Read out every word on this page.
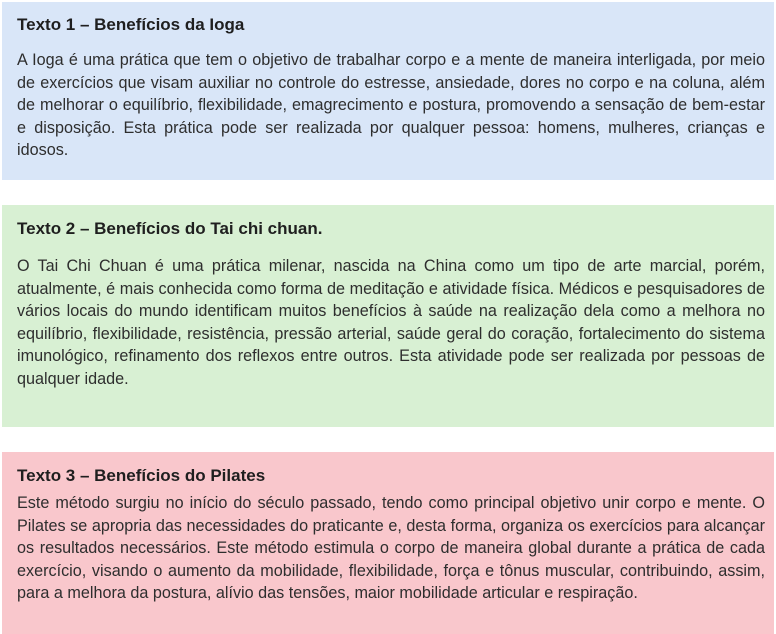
Texto 1 – Benefícios da Ioga

A Ioga é uma prática que tem o objetivo de trabalhar corpo e a mente de maneira interligada, por meio de exercícios que visam auxiliar no controle do estresse, ansiedade, dores no corpo e na coluna, além de melhorar o equilíbrio, flexibilidade, emagrecimento e postura, promovendo a sensação de bem-estar e disposição. Esta prática pode ser realizada por qualquer pessoa: homens, mulheres, crianças e idosos.

Texto 2 – Benefícios do Tai chi chuan.

O Tai Chi Chuan é uma prática milenar, nascida na China como um tipo de arte marcial, porém, atualmente, é mais conhecida como forma de meditação e atividade física. Médicos e pesquisadores de vários locais do mundo identificam muitos benefícios à saúde na realização dela como a melhora no equilíbrio, flexibilidade, resistência, pressão arterial, saúde geral do coração, fortalecimento do sistema imunológico, refinamento dos reflexos entre outros. Esta atividade pode ser realizada por pessoas de qualquer idade.

Texto 3 – Benefícios do Pilates

Este método surgiu no início do século passado, tendo como principal objetivo unir corpo e mente. O Pilates se apropria das necessidades do praticante e, desta forma, organiza os exercícios para alcançar os resultados necessários. Este método estimula o corpo de maneira global durante a prática de cada exercício, visando o aumento da mobilidade, flexibilidade, força e tônus muscular, contribuindo, assim, para a melhora da postura, alívio das tensões, maior mobilidade articular e respiração.
